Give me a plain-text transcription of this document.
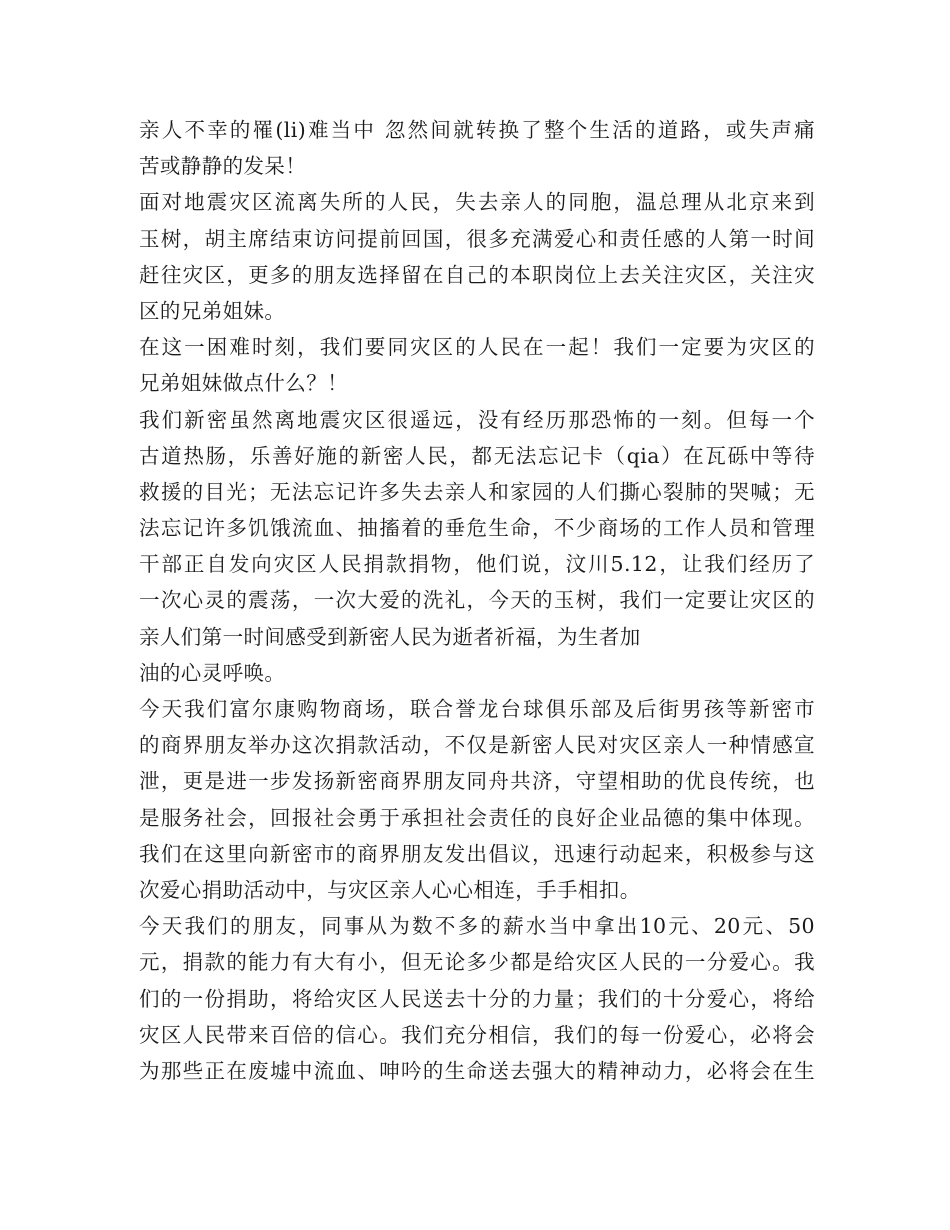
亲人不幸的罹(li)难当中 忽然间就转换了整个生活的道路，或失声痛
苦或静静的发呆！
面对地震灾区流离失所的人民，失去亲人的同胞，温总理从北京来到
玉树，胡主席结束访问提前回国，很多充满爱心和责任感的人第一时间
赶往灾区，更多的朋友选择留在自己的本职岗位上去关注灾区，关注灾
区的兄弟姐妹。
在这一困难时刻，我们要同灾区的人民在一起！我们一定要为灾区的
兄弟姐妹做点什么？！
我们新密虽然离地震灾区很遥远，没有经历那恐怖的一刻。但每一个
古道热肠，乐善好施的新密人民，都无法忘记卡（qia）在瓦砾中等待
救援的目光；无法忘记许多失去亲人和家园的人们撕心裂肺的哭喊；无
法忘记许多饥饿流血、抽搐着的垂危生命，不少商场的工作人员和管理
干部正自发向灾区人民捐款捐物，他们说，汶川5.12，让我们经历了
一次心灵的震荡，一次大爱的洗礼，今天的玉树，我们一定要让灾区的
亲人们第一时间感受到新密人民为逝者祈福，为生者加
油的心灵呼唤。
今天我们富尔康购物商场，联合誉龙台球俱乐部及后街男孩等新密市
的商界朋友举办这次捐款活动，不仅是新密人民对灾区亲人一种情感宣
泄，更是进一步发扬新密商界朋友同舟共济，守望相助的优良传统，也
是服务社会，回报社会勇于承担社会责任的良好企业品德的集中体现。
我们在这里向新密市的商界朋友发出倡议，迅速行动起来，积极参与这
次爱心捐助活动中，与灾区亲人心心相连，手手相扣。
今天我们的朋友，同事从为数不多的薪水当中拿出10元、20元、50
元，捐款的能力有大有小，但无论多少都是给灾区人民的一分爱心。我
们的一份捐助，将给灾区人民送去十分的力量；我们的十分爱心，将给
灾区人民带来百倍的信心。我们充分相信，我们的每一份爱心，必将会
为那些正在废墟中流血、呻吟的生命送去强大的精神动力，必将会在生
